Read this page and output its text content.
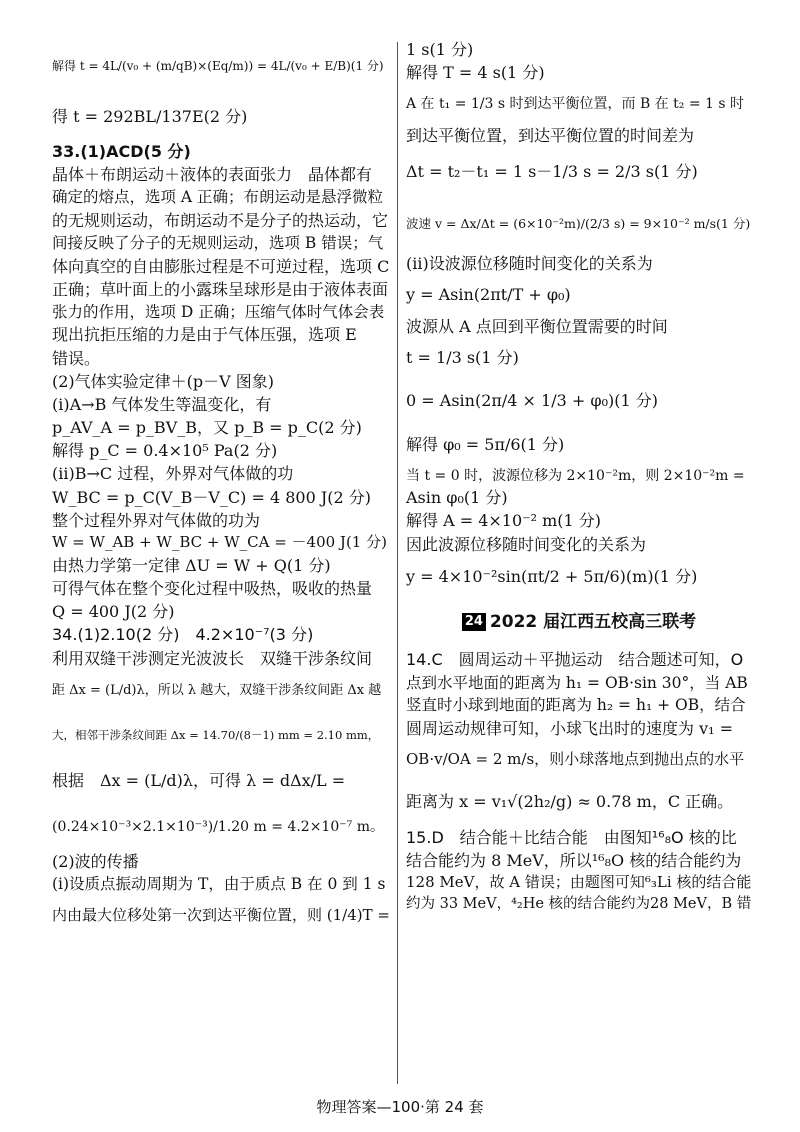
解得 t = 4L/(v₀ + (m/qB)×(Eq/m)) = 4L/(v₀ + E/B)(1 分)
得 t = 292BL/137E(2 分)
33.(1)ACD(5 分)
晶体＋布朗运动＋液体的表面张力　晶体都有
确定的熔点，选项 A 正确；布朗运动是悬浮微粒
的无规则运动，布朗运动不是分子的热运动，它
间接反映了分子的无规则运动，选项 B 错误；气
体向真空的自由膨胀过程是不可逆过程，选项 C
正确；草叶面上的小露珠呈球形是由于液体表面
张力的作用，选项 D 正确；压缩气体时气体会表
现出抗拒压缩的力是由于气体压强，选项 E
错误。
(2)气体实验定律＋(p－V 图象)
(i)A→B 气体发生等温变化，有
p_AV_A = p_BV_B，又 p_B = p_C(2 分)
解得 p_C = 0.4×10⁵ Pa(2 分)
(ii)B→C 过程，外界对气体做的功
W_BC = p_C(V_B－V_C) = 4 800 J(2 分)
整个过程外界对气体做的功为
W = W_AB + W_BC + W_CA = －400 J(1 分)
由热力学第一定律 ΔU = W + Q(1 分)
可得气体在整个变化过程中吸热，吸收的热量
Q = 400 J(2 分)
34.(1)2.10(2 分)　4.2×10⁻⁷(3 分)
利用双缝干涉测定光波波长　双缝干涉条纹间
距 Δx = (L/d)λ，所以 λ 越大，双缝干涉条纹间距 Δx 越
大，相邻干涉条纹间距 Δx = 14.70/(8－1) mm = 2.10 mm，
根据　Δx = (L/d)λ，可得 λ = dΔx/L =
(0.24×10⁻³×2.1×10⁻³)/1.20 m = 4.2×10⁻⁷ m。
(2)波的传播
(i)设质点振动周期为 T，由于质点 B 在 0 到 1 s
内由最大位移处第一次到达平衡位置，则 (1/4)T =
1 s(1 分)
解得 T = 4 s(1 分)
A 在 t₁ = 1/3 s 时到达平衡位置，而 B 在 t₂ = 1 s 时
到达平衡位置，到达平衡位置的时间差为
Δt = t₂－t₁ = 1 s－1/3 s = 2/3 s(1 分)
波速 v = Δx/Δt = (6×10⁻²m)/(2/3 s) = 9×10⁻² m/s(1 分)
(ii)设波源位移随时间变化的关系为
y = Asin(2πt/T + φ₀)
波源从 A 点回到平衡位置需要的时间
t = 1/3 s(1 分)
0 = Asin(2π/4 × 1/3 + φ₀)(1 分)
解得 φ₀ = 5π/6(1 分)
当 t = 0 时，波源位移为 2×10⁻²m，则 2×10⁻²m =
Asin φ₀(1 分)
解得 A = 4×10⁻² m(1 分)
因此波源位移随时间变化的关系为
y = 4×10⁻²sin(πt/2 + 5π/6)(m)(1 分)
24 2022 届江西五校高三联考
14.C　圆周运动＋平抛运动　结合题述可知，O
点到水平地面的距离为 h₁ = OB·sin 30°，当 AB
竖直时小球到地面的距离为 h₂ = h₁ + OB，结合
圆周运动规律可知，小球飞出时的速度为 v₁ =
OB·v/OA = 2 m/s，则小球落地点到抛出点的水平
距离为 x = v₁√(2h₂/g) ≈ 0.78 m，C 正确。
15.D　结合能＋比结合能　由图知¹⁶₈O 核的比
结合能约为 8 MeV，所以¹⁶₈O 核的结合能约为
128 MeV，故 A 错误；由题图可知⁶₃Li 核的结合能
约为 33 MeV，⁴₂He 核的结合能约为28 MeV，B 错
物理答案—100·第 24 套
